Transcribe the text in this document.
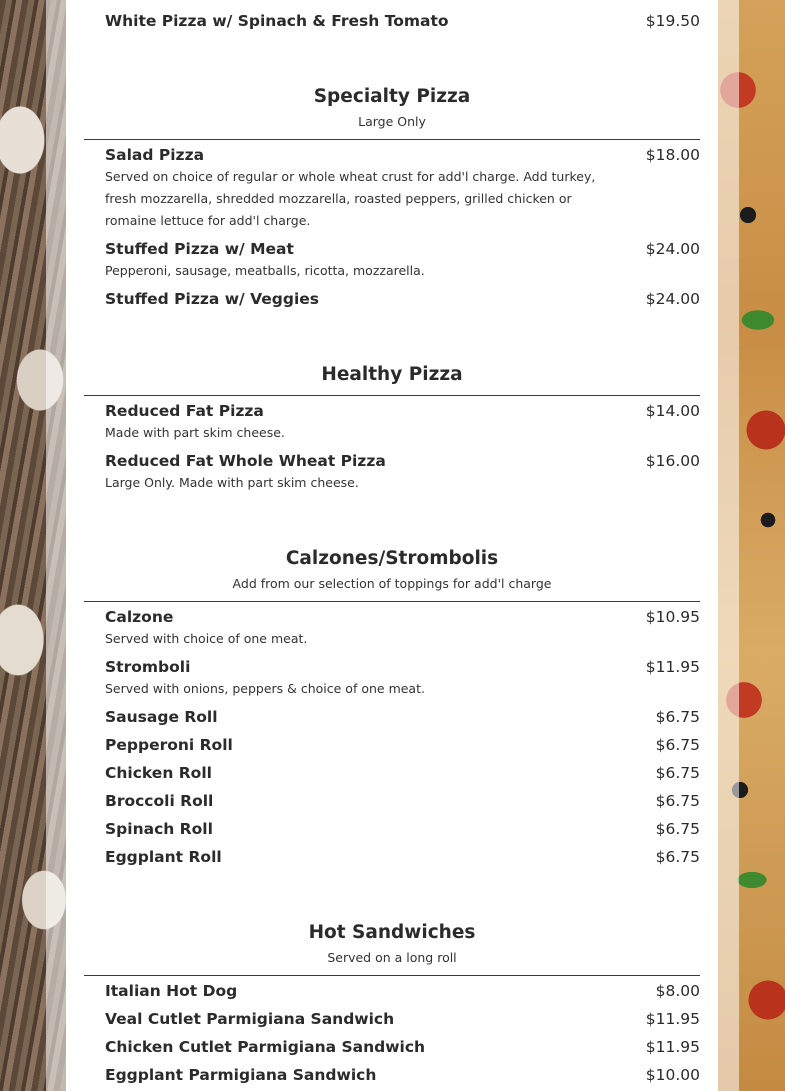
White Pizza w/ Spinach & Fresh Tomato	$19.50
Specialty Pizza
Large Only
Salad Pizza	$18.00
Served on choice of regular or whole wheat crust for add'l charge. Add turkey, fresh mozzarella, shredded mozzarella, roasted peppers, grilled chicken or romaine lettuce for add'l charge.
Stuffed Pizza w/ Meat	$24.00
Pepperoni, sausage, meatballs, ricotta, mozzarella.
Stuffed Pizza w/ Veggies	$24.00
Healthy Pizza
Reduced Fat Pizza	$14.00
Made with part skim cheese.
Reduced Fat Whole Wheat Pizza	$16.00
Large Only. Made with part skim cheese.
Calzones/Strombolis
Add from our selection of toppings for add'l charge
Calzone	$10.95
Served with choice of one meat.
Stromboli	$11.95
Served with onions, peppers & choice of one meat.
Sausage Roll	$6.75
Pepperoni Roll	$6.75
Chicken Roll	$6.75
Broccoli Roll	$6.75
Spinach Roll	$6.75
Eggplant Roll	$6.75
Hot Sandwiches
Served on a long roll
Italian Hot Dog	$8.00
Veal Cutlet Parmigiana Sandwich	$11.95
Chicken Cutlet Parmigiana Sandwich	$11.95
Eggplant Parmigiana Sandwich	$10.00
